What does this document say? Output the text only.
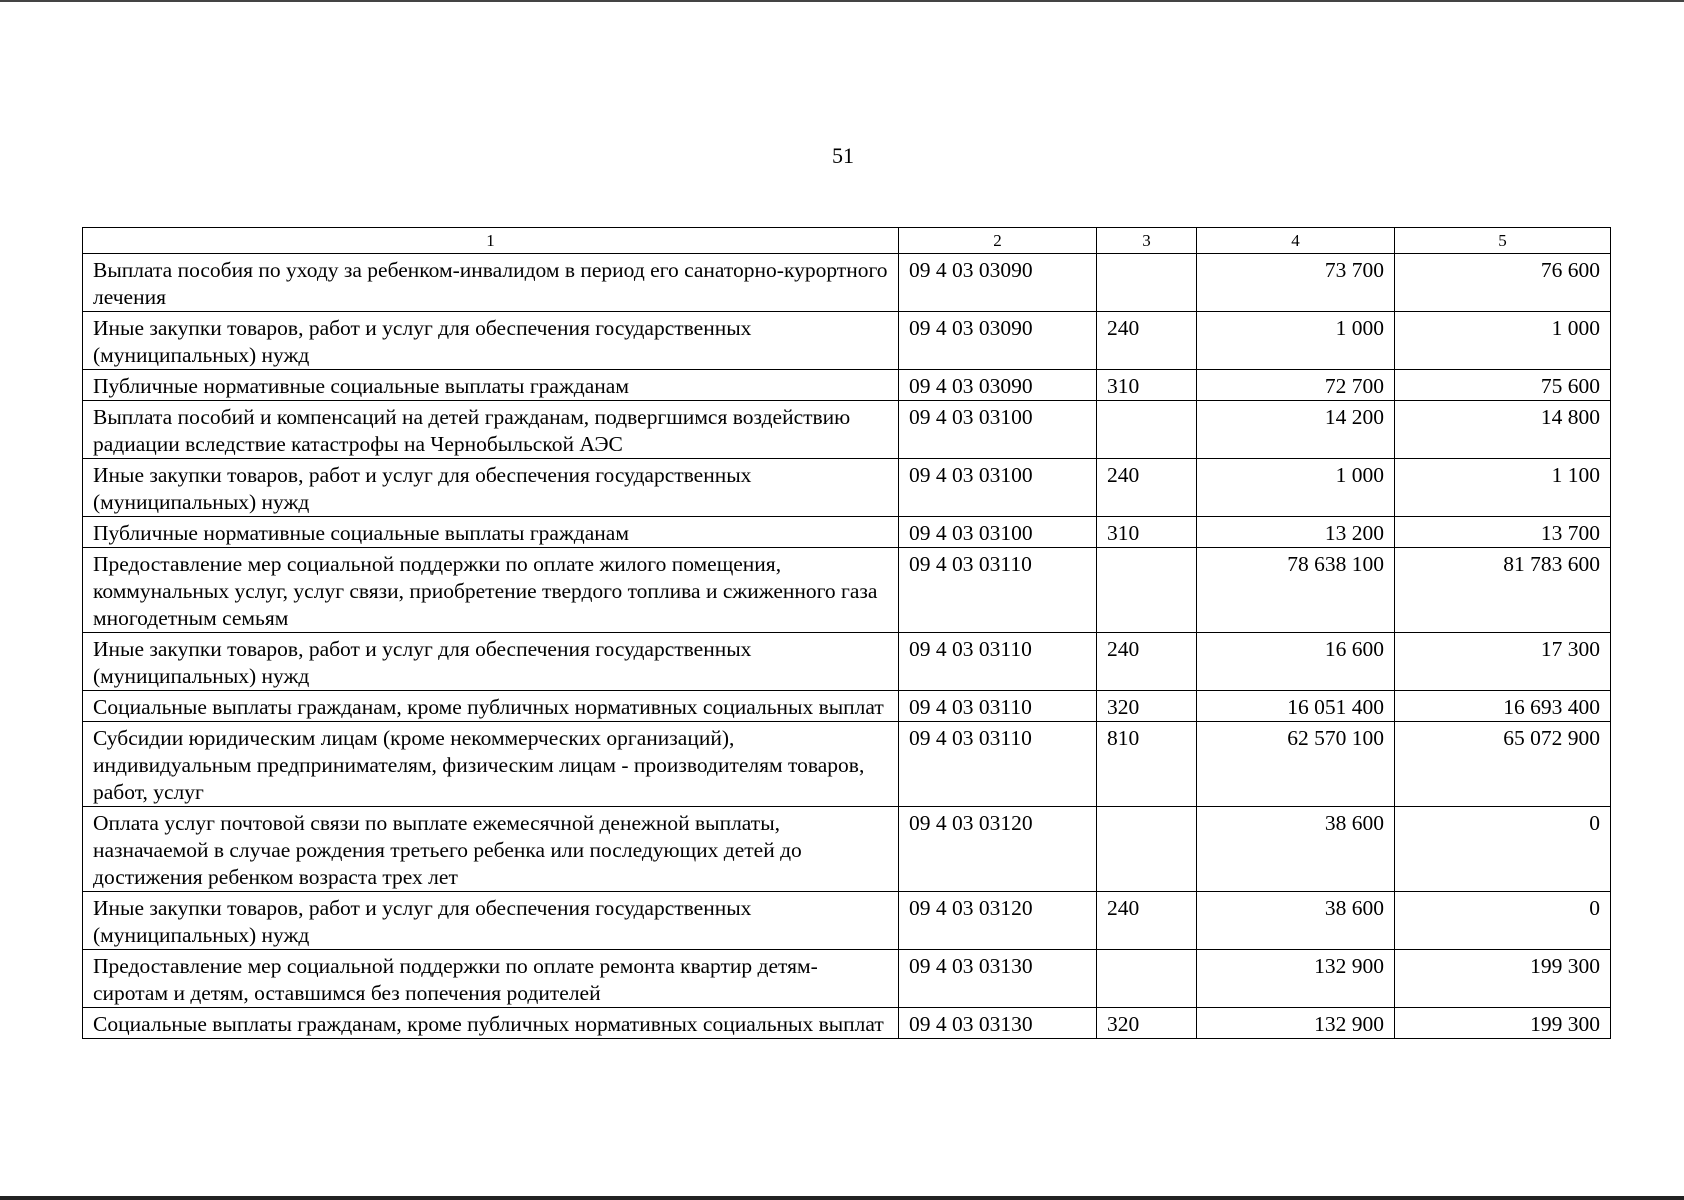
51
1	2	3	4	5
Выплата пособия по уходу за ребенком-инвалидом в период его санаторно-курортного лечения	09 4 03 03090		73 700	76 600
Иные закупки товаров, работ и услуг для обеспечения государственных (муниципальных) нужд	09 4 03 03090	240	1 000	1 000
Публичные нормативные социальные выплаты гражданам	09 4 03 03090	310	72 700	75 600
Выплата пособий и компенсаций на детей гражданам, подвергшимся воздействию радиации вследствие катастрофы на Чернобыльской АЭС	09 4 03 03100		14 200	14 800
Иные закупки товаров, работ и услуг для обеспечения государственных (муниципальных) нужд	09 4 03 03100	240	1 000	1 100
Публичные нормативные социальные выплаты гражданам	09 4 03 03100	310	13 200	13 700
Предоставление мер социальной поддержки по оплате жилого помещения, коммунальных услуг, услуг связи, приобретение твердого топлива и сжиженного газа многодетным семьям	09 4 03 03110		78 638 100	81 783 600
Иные закупки товаров, работ и услуг для обеспечения государственных (муниципальных) нужд	09 4 03 03110	240	16 600	17 300
Социальные выплаты гражданам, кроме публичных нормативных социальных выплат	09 4 03 03110	320	16 051 400	16 693 400
Субсидии юридическим лицам (кроме некоммерческих организаций), индивидуальным предпринимателям, физическим лицам - производителям товаров, работ, услуг	09 4 03 03110	810	62 570 100	65 072 900
Оплата услуг почтовой связи по выплате ежемесячной денежной выплаты, назначаемой в случае рождения третьего ребенка или последующих детей до достижения ребенком возраста трех лет	09 4 03 03120		38 600	0
Иные закупки товаров, работ и услуг для обеспечения государственных (муниципальных) нужд	09 4 03 03120	240	38 600	0
Предоставление мер социальной поддержки по оплате ремонта квартир детям-сиротам и детям, оставшимся без попечения родителей	09 4 03 03130		132 900	199 300
Социальные выплаты гражданам, кроме публичных нормативных социальных выплат	09 4 03 03130	320	132 900	199 300
